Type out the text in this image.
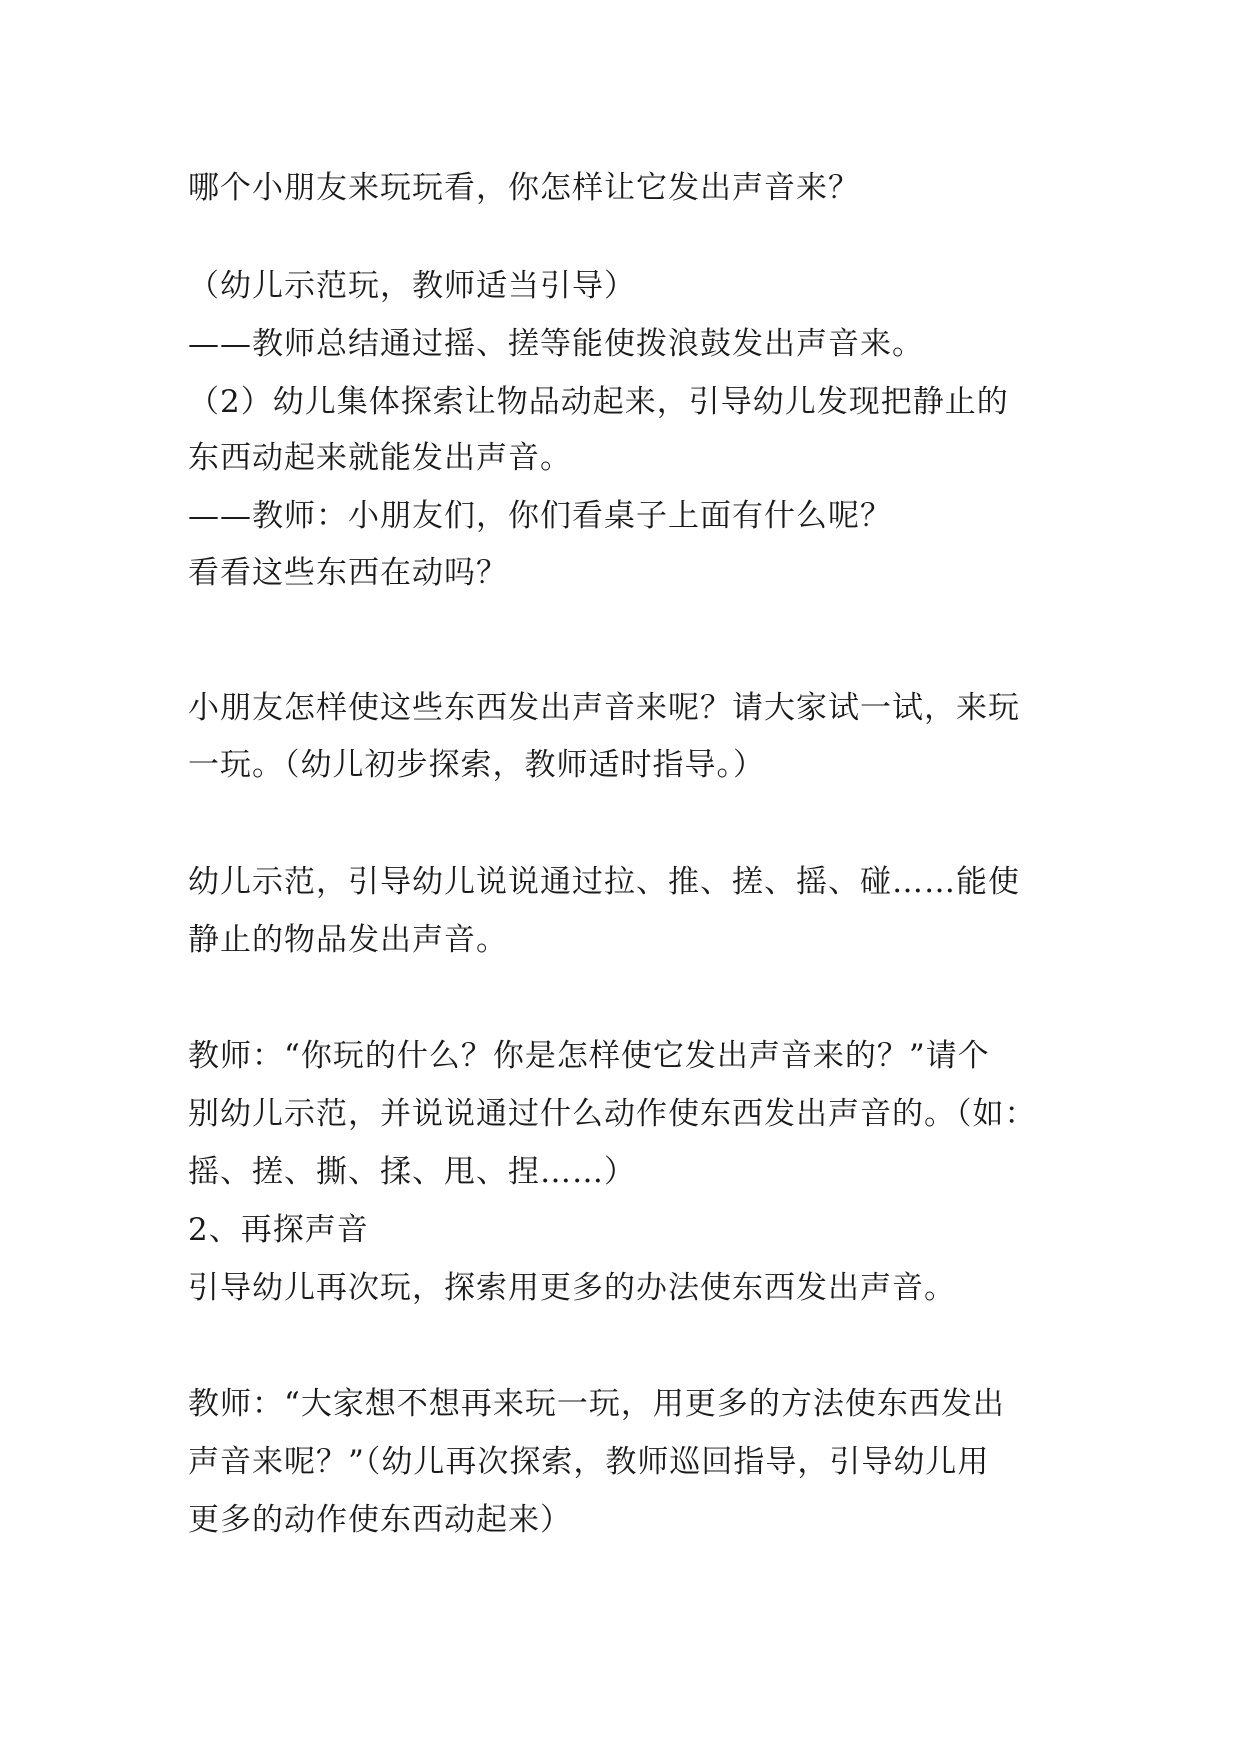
哪个小朋友来玩玩看，你怎样让它发出声音来？
（幼儿示范玩，教师适当引导）
——教师总结通过摇、搓等能使拨浪鼓发出声音来。
（2）幼儿集体探索让物品动起来，引导幼儿发现把静止的
东西动起来就能发出声音。
——教师：小朋友们，你们看桌子上面有什么呢？
看看这些东西在动吗？
小朋友怎样使这些东西发出声音来呢？请大家试一试，来玩
一玩。（幼儿初步探索，教师适时指导。）
幼儿示范，引导幼儿说说通过拉、推、搓、摇、碰……能使
静止的物品发出声音。
教师：“你玩的什么？你是怎样使它发出声音来的？”请个
别幼儿示范，并说说通过什么动作使东西发出声音的。（如：
摇、搓、撕、揉、甩、捏……）
2、再探声音
引导幼儿再次玩，探索用更多的办法使东西发出声音。
教师：“大家想不想再来玩一玩，用更多的方法使东西发出
声音来呢？”（幼儿再次探索，教师巡回指导，引导幼儿用
更多的动作使东西动起来）
